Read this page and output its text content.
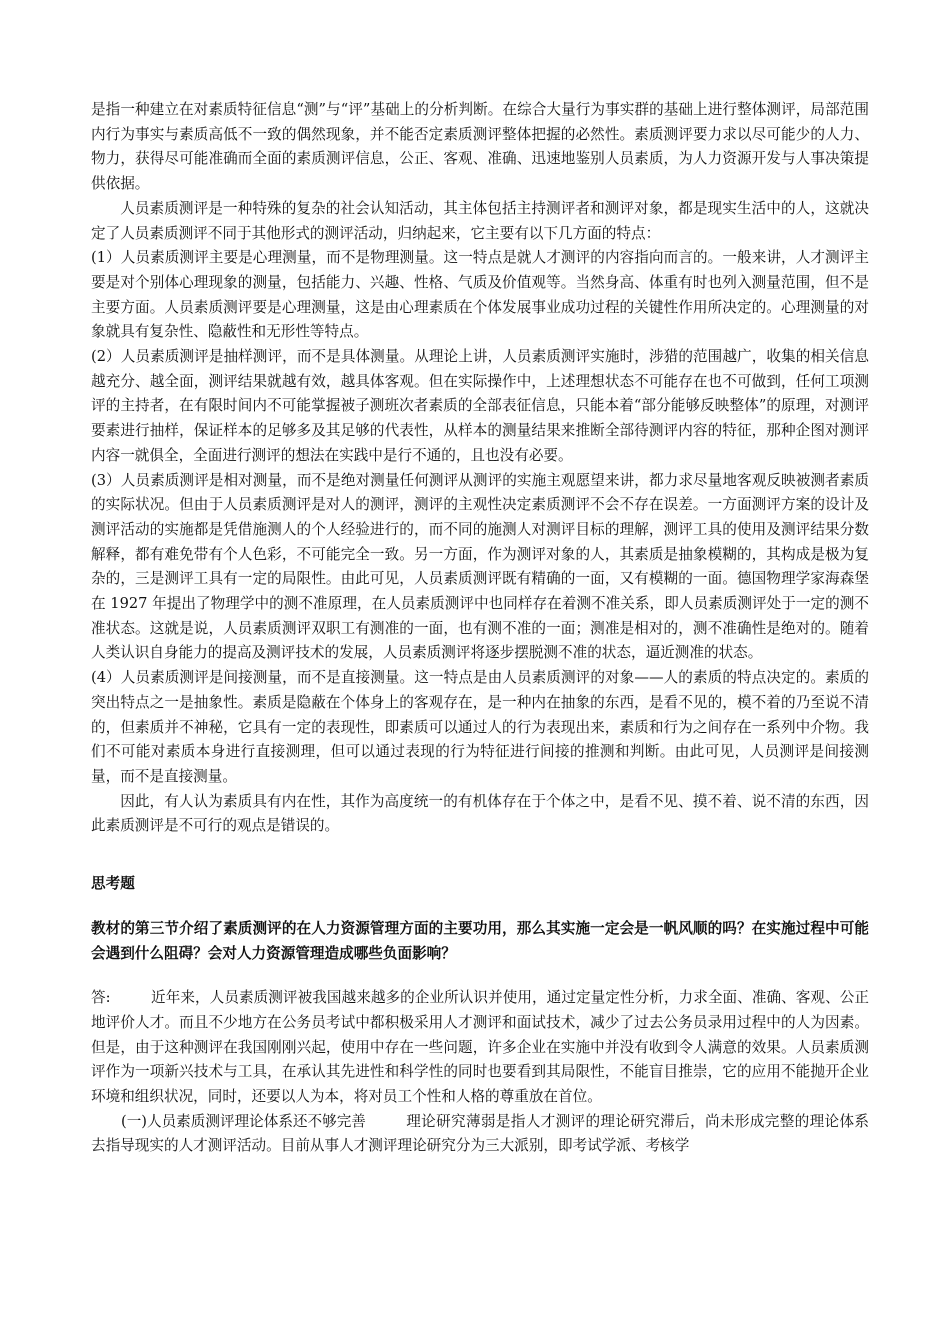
是指一种建立在对素质特征信息“测”与“评”基础上的分析判断。在综合大量行为事实群的基础上进行整体测评，局部范围内行为事实与素质高低不一致的偶然现象，并不能否定素质测评整体把握的必然性。素质测评要力求以尽可能少的人力、物力，获得尽可能准确而全面的素质测评信息，公正、客观、准确、迅速地鉴别人员素质，为人力资源开发与人事决策提供依据。

人员素质测评是一种特殊的复杂的社会认知活动，其主体包括主持测评者和测评对象，都是现实生活中的人，这就决定了人员素质测评不同于其他形式的测评活动，归纳起来，它主要有以下几方面的特点：

(1）人员素质测评主要是心理测量，而不是物理测量。这一特点是就人才测评的内容指向而言的。一般来讲，人才测评主要是对个别体心理现象的测量，包括能力、兴趣、性格、气质及价值观等。当然身高、体重有时也列入测量范围，但不是主要方面。人员素质测评要是心理测量，这是由心理素质在个体发展事业成功过程的关键性作用所决定的。心理测量的对象就具有复杂性、隐蔽性和无形性等特点。

(2）人员素质测评是抽样测评，而不是具体测量。从理论上讲，人员素质测评实施时，涉猎的范围越广，收集的相关信息越充分、越全面，测评结果就越有效，越具体客观。但在实际操作中，上述理想状态不可能存在也不可做到，任何工项测评的主持者，在有限时间内不可能掌握被子测班次者素质的全部表征信息，只能本着“部分能够反映整体”的原理，对测评要素进行抽样，保证样本的足够多及其足够的代表性，从样本的测量结果来推断全部待测评内容的特征，那种企图对测评内容一就俱全，全面进行测评的想法在实践中是行不通的，且也没有必要。

(3）人员素质测评是相对测量，而不是绝对测量任何测评从测评的实施主观愿望来讲，都力求尽量地客观反映被测者素质的实际状况。但由于人员素质测评是对人的测评，测评的主观性决定素质测评不会不存在误差。一方面测评方案的设计及测评活动的实施都是凭借施测人的个人经验进行的，而不同的施测人对测评目标的理解，测评工具的使用及测评结果分数解释，都有难免带有个人色彩，不可能完全一致。另一方面，作为测评对象的人，其素质是抽象模糊的，其构成是极为复杂的，三是测评工具有一定的局限性。由此可见，人员素质测评既有精确的一面，又有模糊的一面。德国物理学家海森堡在 1927 年提出了物理学中的测不准原理，在人员素质测评中也同样存在着测不准关系，即人员素质测评处于一定的测不准状态。这就是说，人员素质测评双职工有测准的一面，也有测不准的一面；测准是相对的，测不准确性是绝对的。随着人类认识自身能力的提高及测评技术的发展，人员素质测评将逐步摆脱测不准的状态，逼近测准的状态。

(4）人员素质测评是间接测量，而不是直接测量。这一特点是由人员素质测评的对象——人的素质的特点决定的。素质的突出特点之一是抽象性。素质是隐蔽在个体身上的客观存在，是一种内在抽象的东西，是看不见的，模不着的乃至说不清的，但素质并不神秘，它具有一定的表现性，即素质可以通过人的行为表现出来，素质和行为之间存在一系列中介物。我们不可能对素质本身进行直接测理，但可以通过表现的行为特征进行间接的推测和判断。由此可见，人员测评是间接测量，而不是直接测量。

因此，有人认为素质具有内在性，其作为高度统一的有机体存在于个体之中，是看不见、摸不着、说不清的东西，因此素质测评是不可行的观点是错误的。

思考题

教材的第三节介绍了素质测评的在人力资源管理方面的主要功用，那么其实施一定会是一帆风顺的吗？在实施过程中可能会遇到什么阻碍？会对人力资源管理造成哪些负面影响？

答:	近年来，人员素质测评被我国越来越多的企业所认识并使用，通过定量定性分析，力求全面、准确、客观、公正地评价人才。而且不少地方在公务员考试中都积极采用人才测评和面试技术，减少了过去公务员录用过程中的人为因素。但是，由于这种测评在我国刚刚兴起，使用中存在一些问题，许多企业在实施中并没有收到令人满意的效果。人员素质测评作为一项新兴技术与工具，在承认其先进性和科学性的同时也要看到其局限性，不能盲目推崇，它的应用不能抛开企业环境和组织状况，同时，还要以人为本，将对员工个性和人格的尊重放在首位。

(一)人员素质测评理论体系还不够完善	理论研究薄弱是指人才测评的理论研究滞后，尚未形成完整的理论体系去指导现实的人才测评活动。目前从事人才测评理论研究分为三大派别，即考试学派、考核学
